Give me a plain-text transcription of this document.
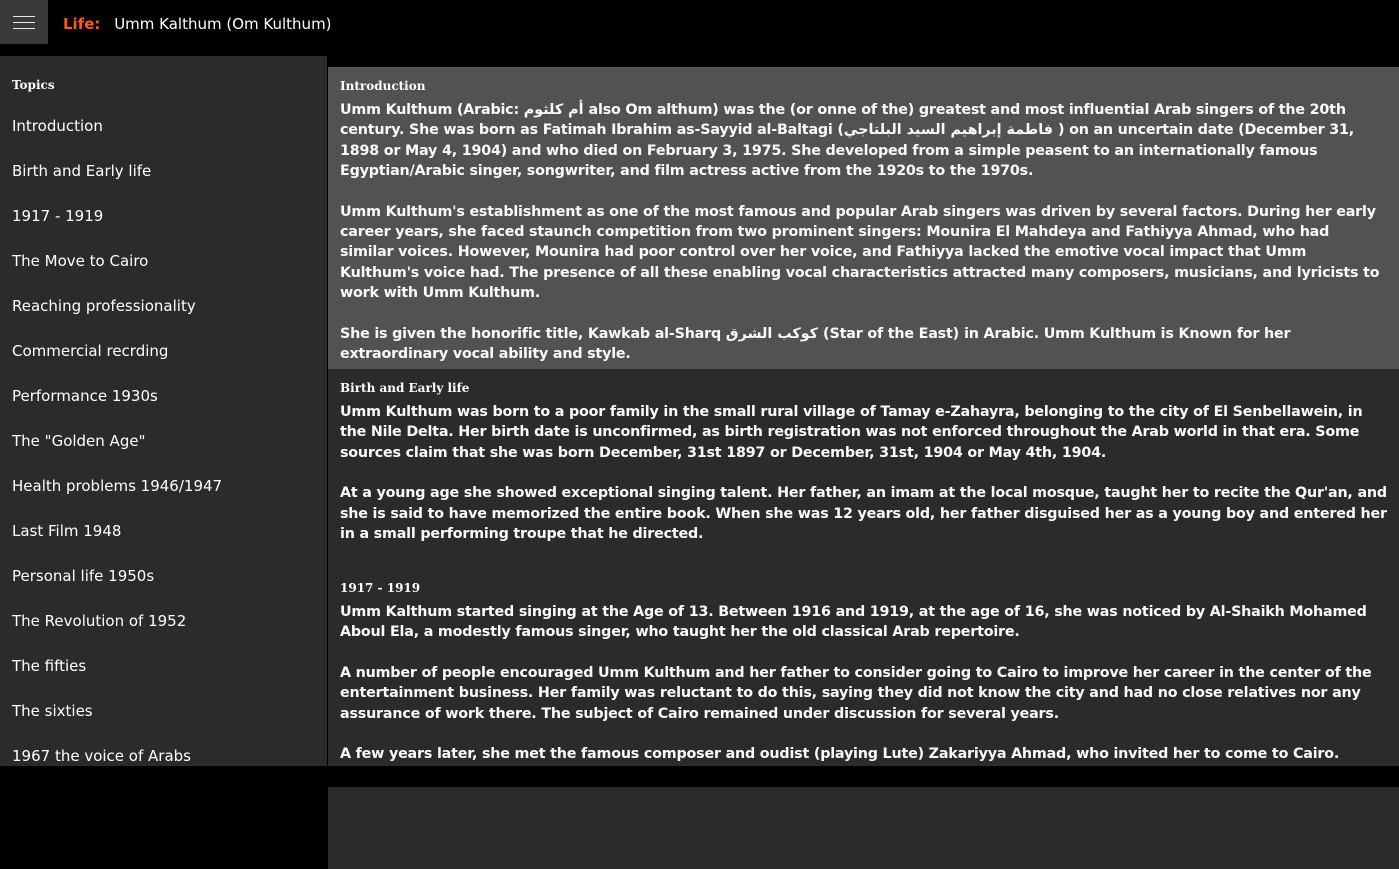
Life: Umm Kalthum (Om Kulthum)
Topics
Introduction
Birth and Early life
1917 - 1919
The Move to Cairo
Reaching professionality
Commercial recrding
Performance 1930s
The "Golden Age"
Health problems 1946/1947
Last Film 1948
Personal life 1950s
The Revolution of 1952
The fifties
The sixties
1967 the voice of Arabs
Introduction

Umm Kulthum (Arabic: أم كلثوم also Om althum) was the (or onne of the) greatest and most influential Arab singers of the 20th century. She was born as Fatimah Ibrahim as-Sayyid al-Baltagi (فاطمة إبراهيم السيد البلتاجي ) on an uncertain date (December 31, 1898 or May 4, 1904) and who died on February 3, 1975. She developed from a simple peasent to an internationally famous Egyptian/Arabic singer, songwriter, and film actress active from the 1920s to the 1970s.

Umm Kulthum's establishment as one of the most famous and popular Arab singers was driven by several factors. During her early career years, she faced staunch competition from two prominent singers: Mounira El Mahdeya and Fathiyya Ahmad, who had similar voices. However, Mounira had poor control over her voice, and Fathiyya lacked the emotive vocal impact that Umm Kulthum's voice had. The presence of all these enabling vocal characteristics attracted many composers, musicians, and lyricists to work with Umm Kulthum.

She is given the honorific title, Kawkab al-Sharq كوكب الشرق (Star of the East) in Arabic. Umm Kulthum is Known for her extraordinary vocal ability and style.

Birth and Early life

Umm Kulthum was born to a poor family in the small rural village of Tamay e-Zahayra, belonging to the city of El Senbellawein, in the Nile Delta. Her birth date is unconfirmed, as birth registration was not enforced throughout the Arab world in that era. Some sources claim that she was born December, 31st 1897 or December, 31st, 1904 or May 4th, 1904.

At a young age she showed exceptional singing talent. Her father, an imam at the local mosque, taught her to recite the Qur'an, and she is said to have memorized the entire book. When she was 12 years old, her father disguised her as a young boy and entered her in a small performing troupe that he directed.

1917 - 1919

Umm Kalthum started singing at the Age of 13. Between 1916 and 1919, at the age of 16, she was noticed by Al-Shaikh Mohamed Aboul Ela, a modestly famous singer, who taught her the old classical Arab repertoire.

A number of people encouraged Umm Kulthum and her father to consider going to Cairo to improve her career in the center of the entertainment business. Her family was reluctant to do this, saying they did not know the city and had no close relatives nor any assurance of work there. The subject of Cairo remained under discussion for several years.

A few years later, she met the famous composer and oudist (playing Lute) Zakariyya Ahmad, who invited her to come to Cairo.
